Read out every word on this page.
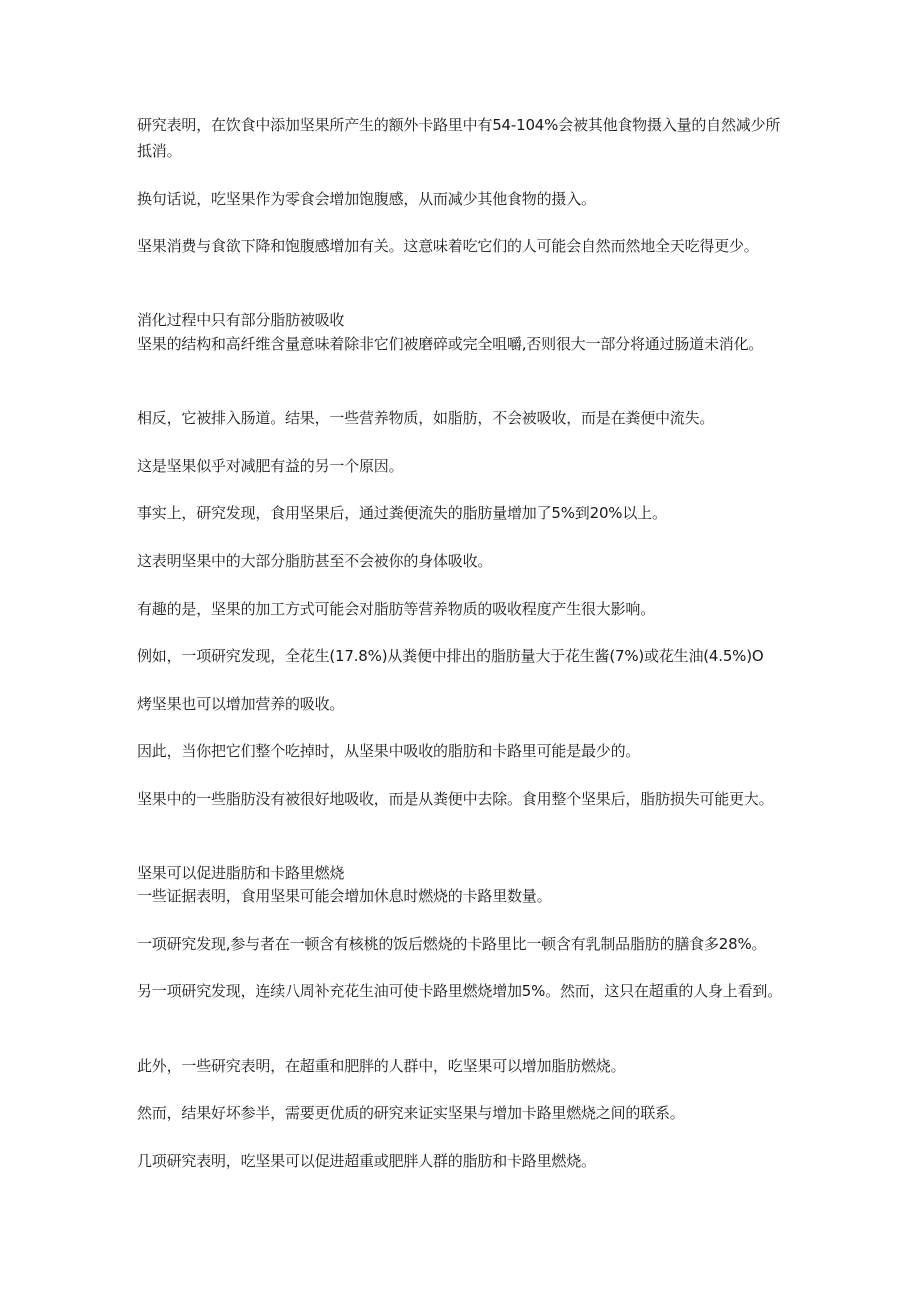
研究表明，在饮食中添加坚果所产生的额外卡路里中有54-104%会被其他食物摄入量的自然减少所抵消。

换句话说，吃坚果作为零食会增加饱腹感，从而减少其他食物的摄入。

坚果消费与食欲下降和饱腹感增加有关。这意味着吃它们的人可能会自然而然地全天吃得更少。

消化过程中只有部分脂肪被吸收

坚果的结构和高纤维含量意味着除非它们被磨碎或完全咀嚼,否则很大一部分将通过肠道未消化。

相反，它被排入肠道。结果，一些营养物质，如脂肪，不会被吸收，而是在粪便中流失。

这是坚果似乎对减肥有益的另一个原因。

事实上，研究发现，食用坚果后，通过粪便流失的脂肪量增加了5%到20%以上。

这表明坚果中的大部分脂肪甚至不会被你的身体吸收。

有趣的是，坚果的加工方式可能会对脂肪等营养物质的吸收程度产生很大影响。

例如，一项研究发现，全花生(17.8%)从粪便中排出的脂肪量大于花生酱(7%)或花生油(4.5%)O

烤坚果也可以增加营养的吸收。

因此，当你把它们整个吃掉时，从坚果中吸收的脂肪和卡路里可能是最少的。

坚果中的一些脂肪没有被很好地吸收，而是从粪便中去除。食用整个坚果后，脂肪损失可能更大。

坚果可以促进脂肪和卡路里燃烧

一些证据表明，食用坚果可能会增加休息时燃烧的卡路里数量。

一项研究发现,参与者在一顿含有核桃的饭后燃烧的卡路里比一顿含有乳制品脂肪的膳食多28%。

另一项研究发现，连续八周补充花生油可使卡路里燃烧增加5%。然而，这只在超重的人身上看到。

此外，一些研究表明，在超重和肥胖的人群中，吃坚果可以增加脂肪燃烧。

然而，结果好坏参半，需要更优质的研究来证实坚果与增加卡路里燃烧之间的联系。

几项研究表明，吃坚果可以促进超重或肥胖人群的脂肪和卡路里燃烧。
